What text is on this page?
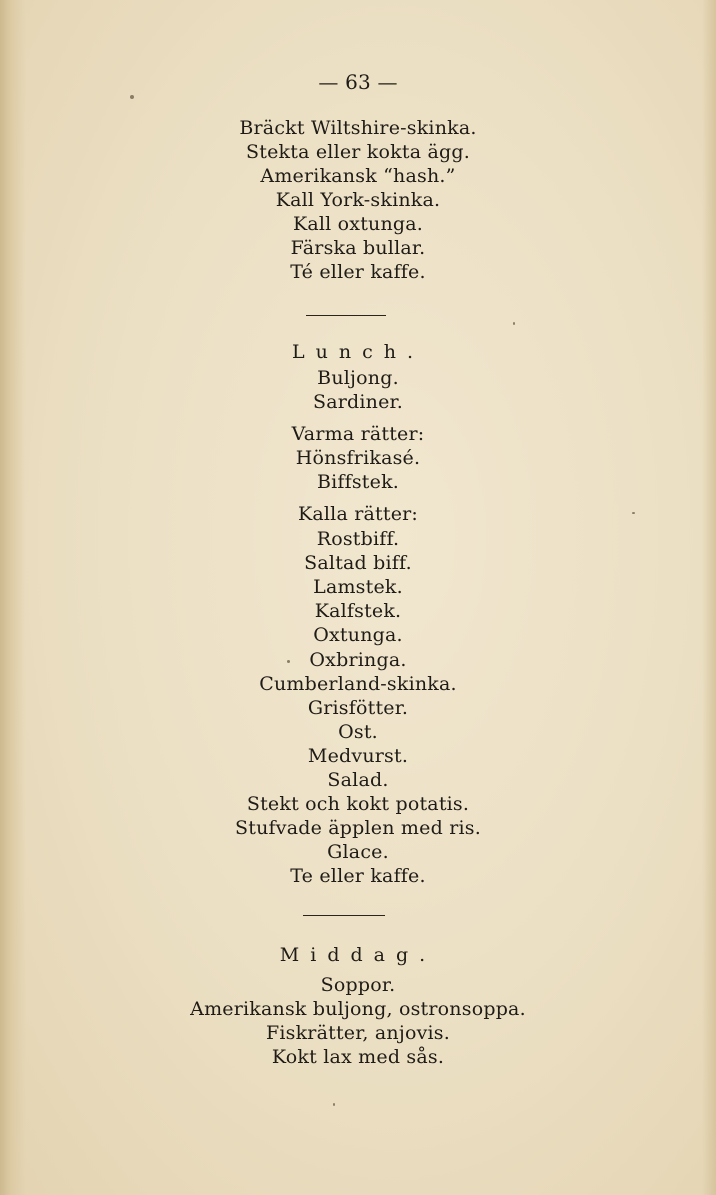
— 63 —
Bräckt Wiltshire-skinka.
Stekta eller kokta ägg.
Amerikansk “hash.”
Kall York-skinka.
Kall oxtunga.
Färska bullar.
Té eller kaffe.
Lunch.
Buljong.
Sardiner.
Varma rätter:
Hönsfrikasé.
Biffstek.
Kalla rätter:
Rostbiff.
Saltad biff.
Lamstek.
Kalfstek.
Oxtunga.
Oxbringa.
Cumberland-skinka.
Grisfötter.
Ost.
Medvurst.
Salad.
Stekt och kokt potatis.
Stufvade äpplen med ris.
Glace.
Te eller kaffe.
Middag.
Soppor.
Amerikansk buljong, ostronsoppa.
Fiskrätter, anjovis.
Kokt lax med sås.
